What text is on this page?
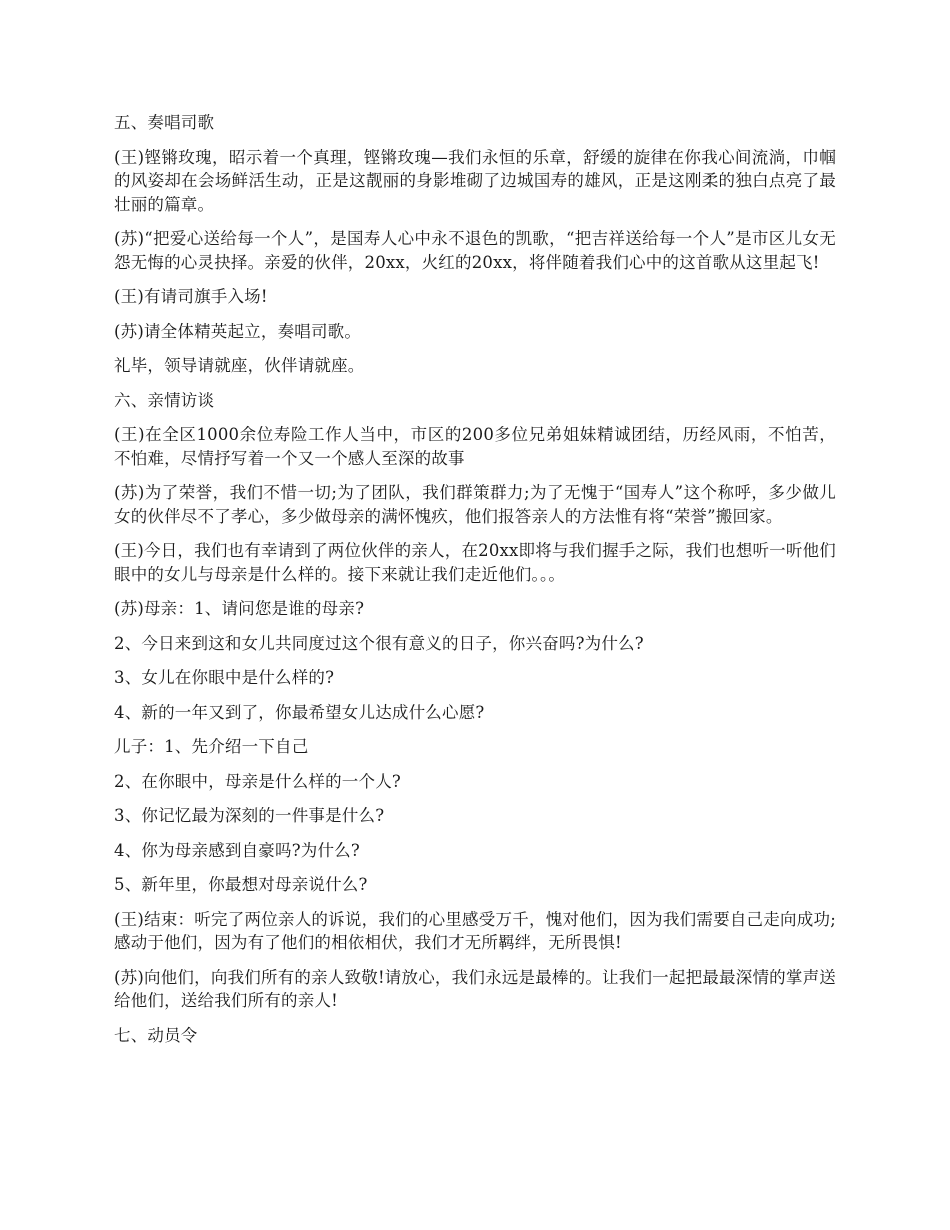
五、奏唱司歌

(王)铿锵玫瑰，昭示着一个真理，铿锵玫瑰—我们永恒的乐章，舒缓的旋律在你我心间流淌，巾帼的风姿却在会场鲜活生动，正是这靓丽的身影堆砌了边城国寿的雄风，正是这刚柔的独白点亮了最壮丽的篇章。

(苏)“把爱心送给每一个人”，是国寿人心中永不退色的凯歌，“把吉祥送给每一个人”是市区儿女无怨无悔的心灵抉择。亲爱的伙伴，20xx，火红的20xx，将伴随着我们心中的这首歌从这里起飞!

(王)有请司旗手入场!

(苏)请全体精英起立，奏唱司歌。

礼毕，领导请就座，伙伴请就座。

六、亲情访谈

(王)在全区1000余位寿险工作人当中，市区的200多位兄弟姐妹精诚团结，历经风雨，不怕苦，不怕难，尽情抒写着一个又一个感人至深的故事

(苏)为了荣誉，我们不惜一切;为了团队，我们群策群力;为了无愧于“国寿人”这个称呼，多少做儿女的伙伴尽不了孝心，多少做母亲的满怀愧疚，他们报答亲人的方法惟有将“荣誉”搬回家。

(王)今日，我们也有幸请到了两位伙伴的亲人，在20xx即将与我们握手之际，我们也想听一听他们眼中的女儿与母亲是什么样的。接下来就让我们走近他们。。。

(苏)母亲：1、请问您是谁的母亲?

2、今日来到这和女儿共同度过这个很有意义的日子，你兴奋吗?为什么?

3、女儿在你眼中是什么样的?

4、新的一年又到了，你最希望女儿达成什么心愿?

儿子：1、先介绍一下自己

2、在你眼中，母亲是什么样的一个人?

3、你记忆最为深刻的一件事是什么?

4、你为母亲感到自豪吗?为什么?

5、新年里，你最想对母亲说什么?

(王)结束：听完了两位亲人的诉说，我们的心里感受万千，愧对他们，因为我们需要自己走向成功;感动于他们，因为有了他们的相依相伏，我们才无所羁绊，无所畏惧!

(苏)向他们，向我们所有的亲人致敬!请放心，我们永远是最棒的。让我们一起把最最深情的掌声送给他们，送给我们所有的亲人!

七、动员令
